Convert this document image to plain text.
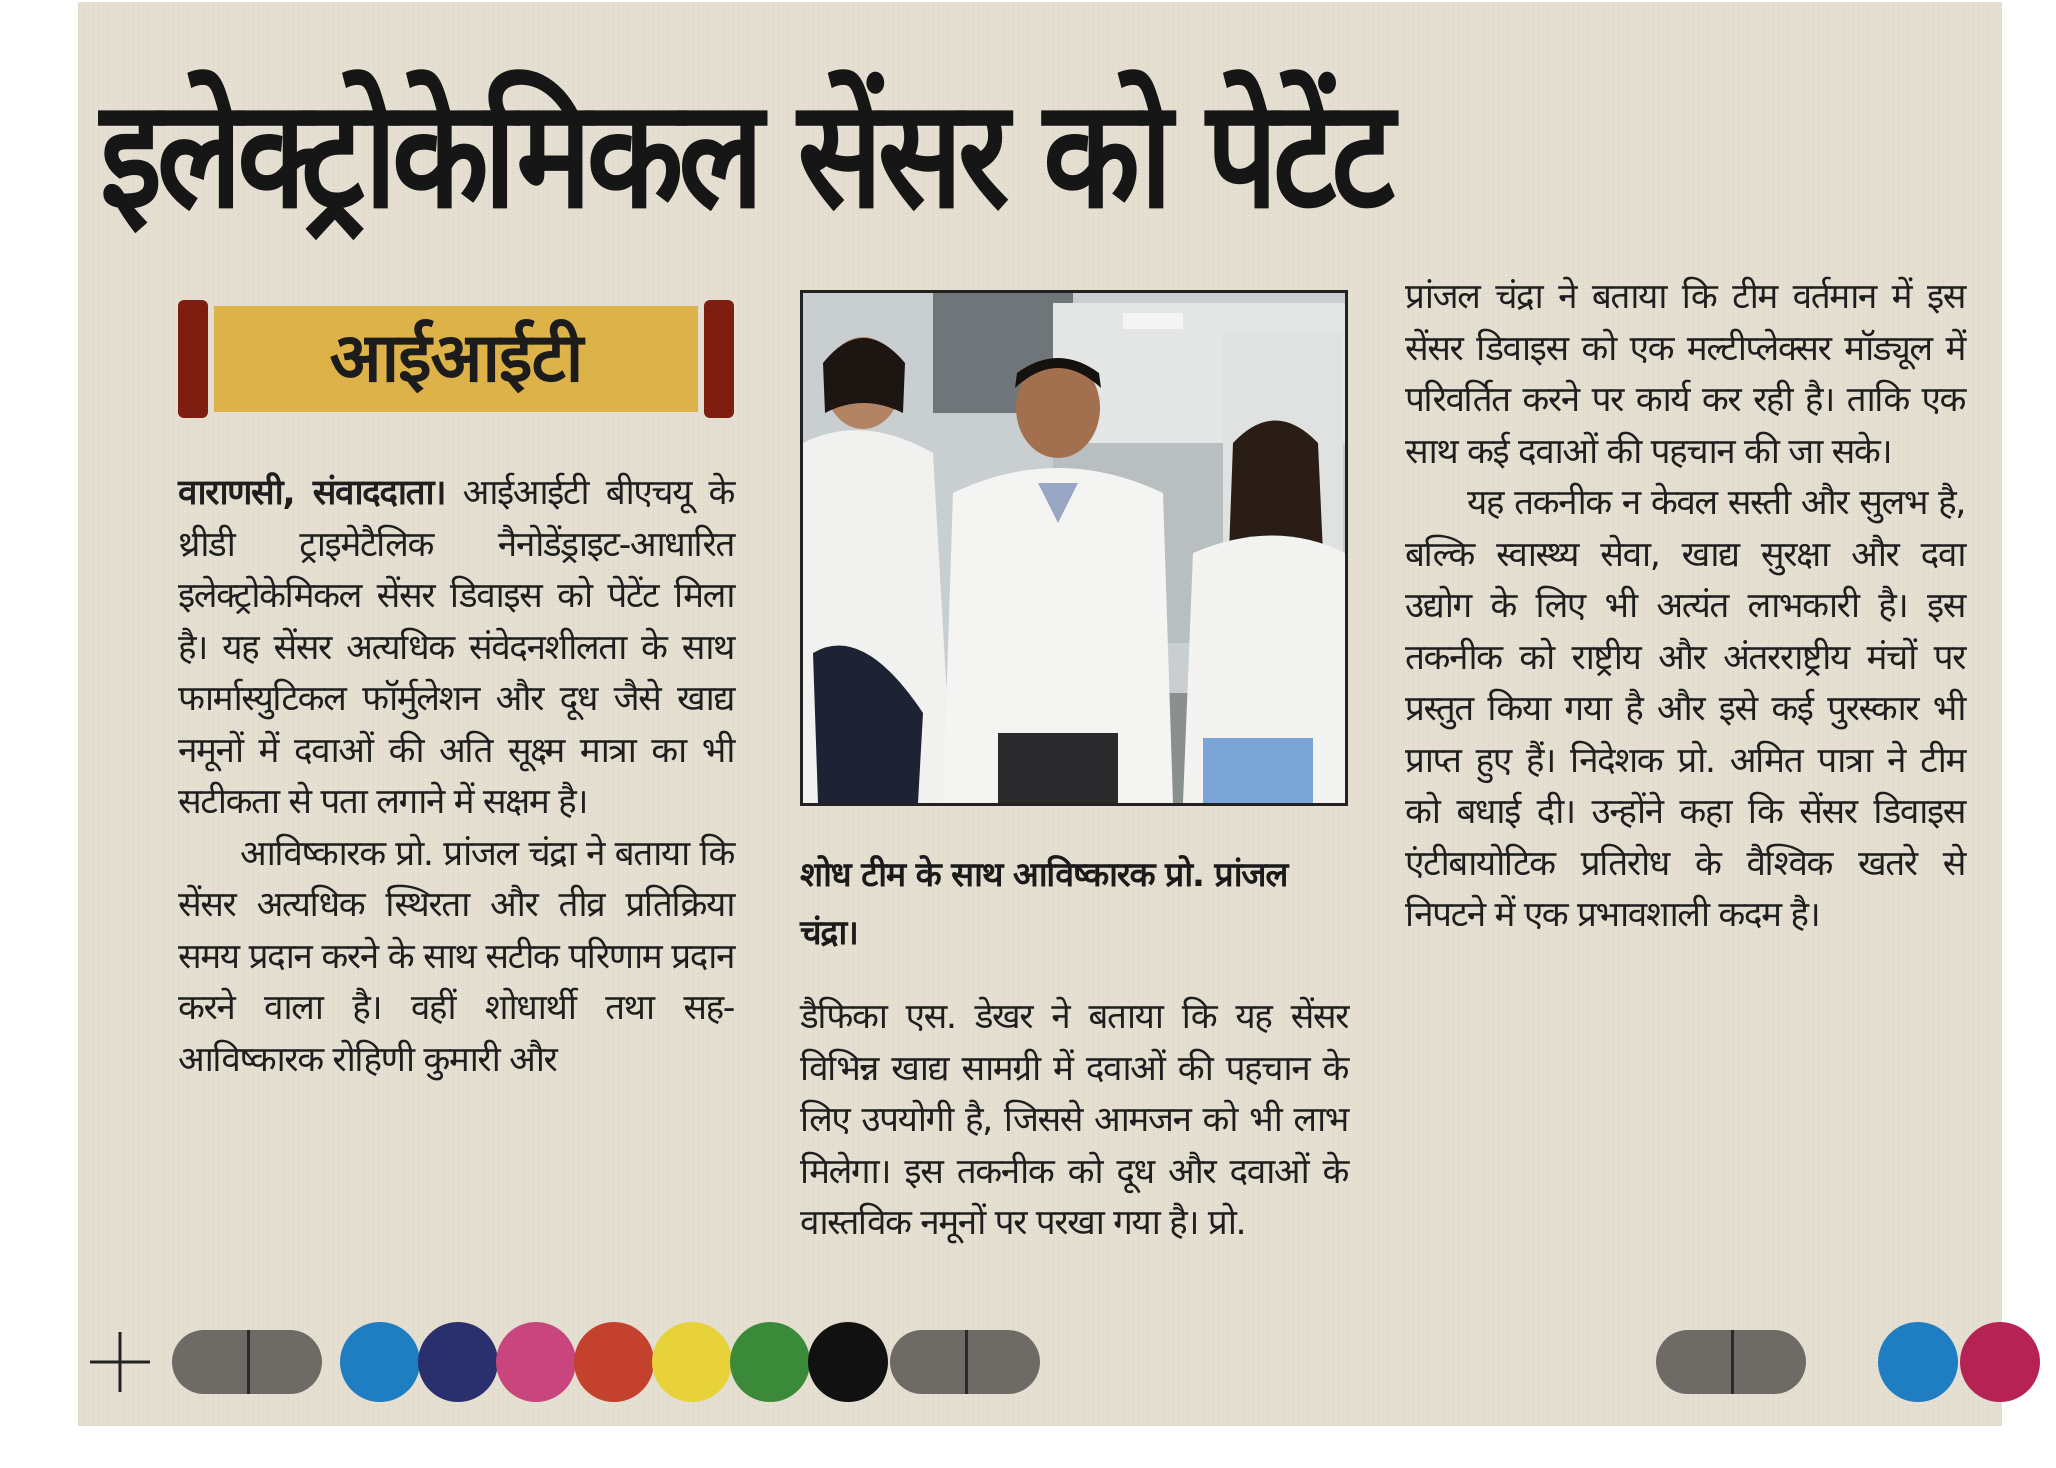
इलेक्ट्रोकेमिकल सेंसर को पेटेंट
आईआईटी

वाराणसी, संवाददाता। आईआईटी बीएचयू के थ्रीडी ट्राइमेटैलिक नैनोडेंड्राइट-आधारित इलेक्ट्रोकेमिकल सेंसर डिवाइस को पेटेंट मिला है। यह सेंसर अत्यधिक संवेदनशीलता के साथ फार्मास्युटिकल फॉर्मुलेशन और दूध जैसे खाद्य नमूनों में दवाओं की अति सूक्ष्म मात्रा का भी सटीकता से पता लगाने में सक्षम है।

आविष्कारक प्रो. प्रांजल चंद्रा ने बताया कि सेंसर अत्यधिक स्थिरता और तीव्र प्रतिक्रिया समय प्रदान करने के साथ सटीक परिणाम प्रदान करने वाला है। वहीं शोधार्थी तथा सह-आविष्कारक रोहिणी कुमारी और

शोध टीम के साथ आविष्कारक प्रो. प्रांजल चंद्रा।

डैफिका एस. डेखर ने बताया कि यह सेंसर विभिन्न खाद्य सामग्री में दवाओं की पहचान के लिए उपयोगी है, जिससे आमजन को भी लाभ मिलेगा। इस तकनीक को दूध और दवाओं के वास्तविक नमूनों पर परखा गया है। प्रो.

प्रांजल चंद्रा ने बताया कि टीम वर्तमान में इस सेंसर डिवाइस को एक मल्टीप्लेक्सर मॉड्यूल में परिवर्तित करने पर कार्य कर रही है। ताकि एक साथ कई दवाओं की पहचान की जा सके।

यह तकनीक न केवल सस्ती और सुलभ है, बल्कि स्वास्थ्य सेवा, खाद्य सुरक्षा और दवा उद्योग के लिए भी अत्यंत लाभकारी है। इस तकनीक को राष्ट्रीय और अंतरराष्ट्रीय मंचों पर प्रस्तुत किया गया है और इसे कई पुरस्कार भी प्राप्त हुए हैं। निदेशक प्रो. अमित पात्रा ने टीम को बधाई दी। उन्होंने कहा कि सेंसर डिवाइस एंटीबायोटिक प्रतिरोध के वैश्विक खतरे से निपटने में एक प्रभावशाली कदम है।
